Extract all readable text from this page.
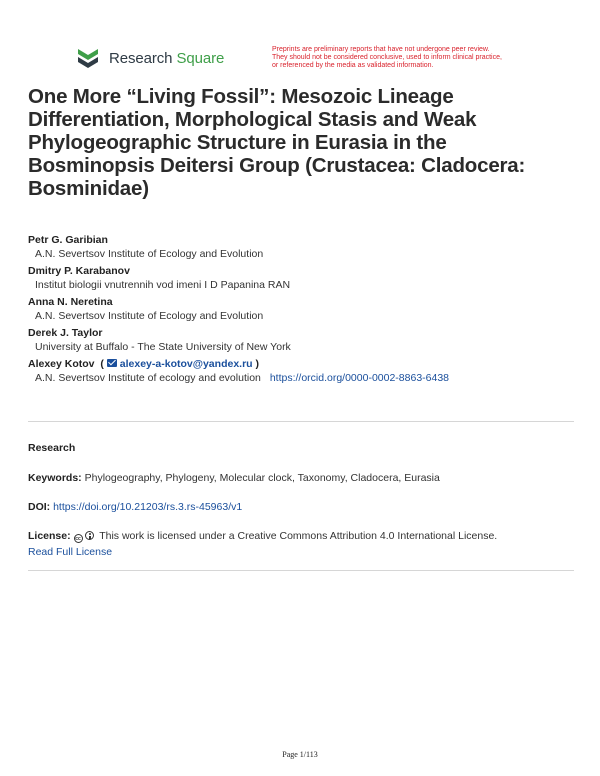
Research Square	Preprints are preliminary reports that have not undergone peer review.
They should not be considered conclusive, used to inform clinical practice,
or referenced by the media as validated information.
One More “Living Fossil”: Mesozoic Lineage Differentiation, Morphological Stasis and Weak Phylogeographic Structure in Eurasia in the Bosminopsis Deitersi Group (Crustacea: Cladocera: Bosminidae)
Petr G. Garibian
A.N. Severtsov Institute of Ecology and Evolution
Dmitry P. Karabanov
Institut biologii vnutrennih vod imeni I D Papanina RAN
Anna N. Neretina
A.N. Severtsov Institute of Ecology and Evolution
Derek J. Taylor
University at Buffalo - The State University of New York
Alexey Kotov  ( alexey-a-kotov@yandex.ru )
A.N. Severtsov Institute of ecology and evolution https://orcid.org/0000-0002-8863-6438
Research
Keywords: Phylogeography, Phylogeny, Molecular clock, Taxonomy, Cladocera, Eurasia
DOI: https://doi.org/10.21203/rs.3.rs-45963/v1
License: cc This work is licensed under a Creative Commons Attribution 4.0 International License.
Read Full License
Page 1/113
